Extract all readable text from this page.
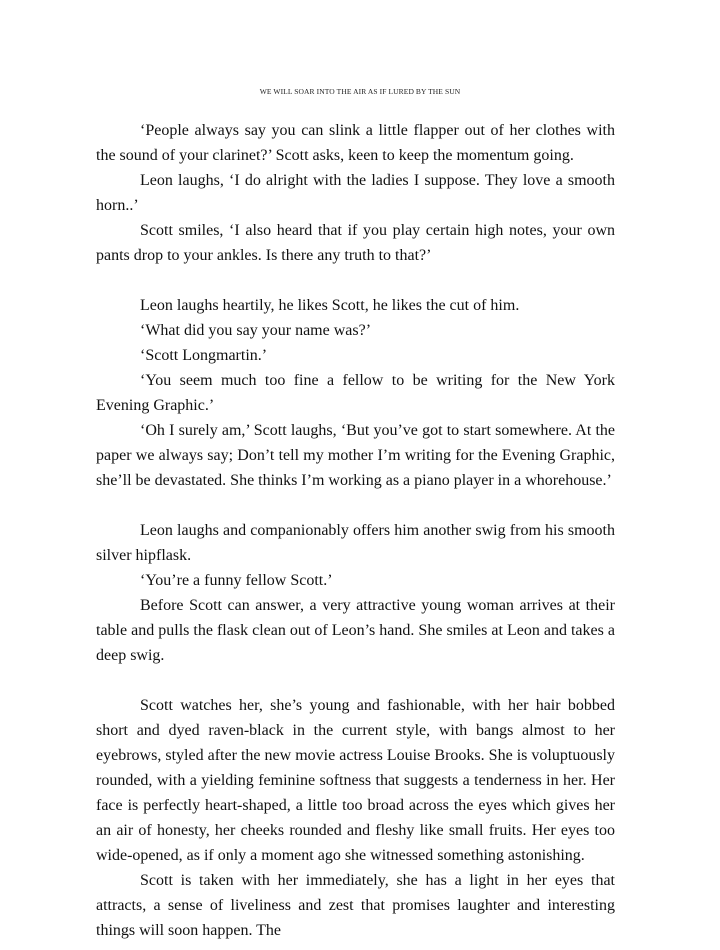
WE WILL SOAR INTO THE AIR AS IF LURED BY THE SUN

‘People always say you can slink a little flapper out of her clothes with the sound of your clarinet?’ Scott asks, keen to keep the momentum going.

Leon laughs, ‘I do alright with the ladies I suppose. They love a smooth horn..’

Scott smiles, ‘I also heard that if you play certain high notes, your own pants drop to your ankles. Is there any truth to that?’

Leon laughs heartily, he likes Scott, he likes the cut of him.

‘What did you say your name was?’

‘Scott Longmartin.’

‘You seem much too fine a fellow to be writing for the New York Evening Graphic.’

‘Oh I surely am,’ Scott laughs, ‘But you’ve got to start somewhere. At the paper we always say; Don’t tell my mother I’m writing for the Evening Graphic, she’ll be devastated. She thinks I’m working as a piano player in a whorehouse.’

Leon laughs and companionably offers him another swig from his smooth silver hipflask.

‘You’re a funny fellow Scott.’

Before Scott can answer, a very attractive young woman arrives at their table and pulls the flask clean out of Leon’s hand. She smiles at Leon and takes a deep swig.

Scott watches her, she’s young and fashionable, with her hair bobbed short and dyed raven-black in the current style, with bangs almost to her eyebrows, styled after the new movie actress Louise Brooks. She is voluptuously rounded, with a yielding feminine softness that suggests a tenderness in her. Her face is perfectly heart-shaped, a little too broad across the eyes which gives her an air of honesty, her cheeks rounded and fleshy like small fruits. Her eyes too wide-opened, as if only a moment ago she witnessed something astonishing.

Scott is taken with her immediately, she has a light in her eyes that attracts, a sense of liveliness and zest that promises laughter and interesting things will soon happen. The
